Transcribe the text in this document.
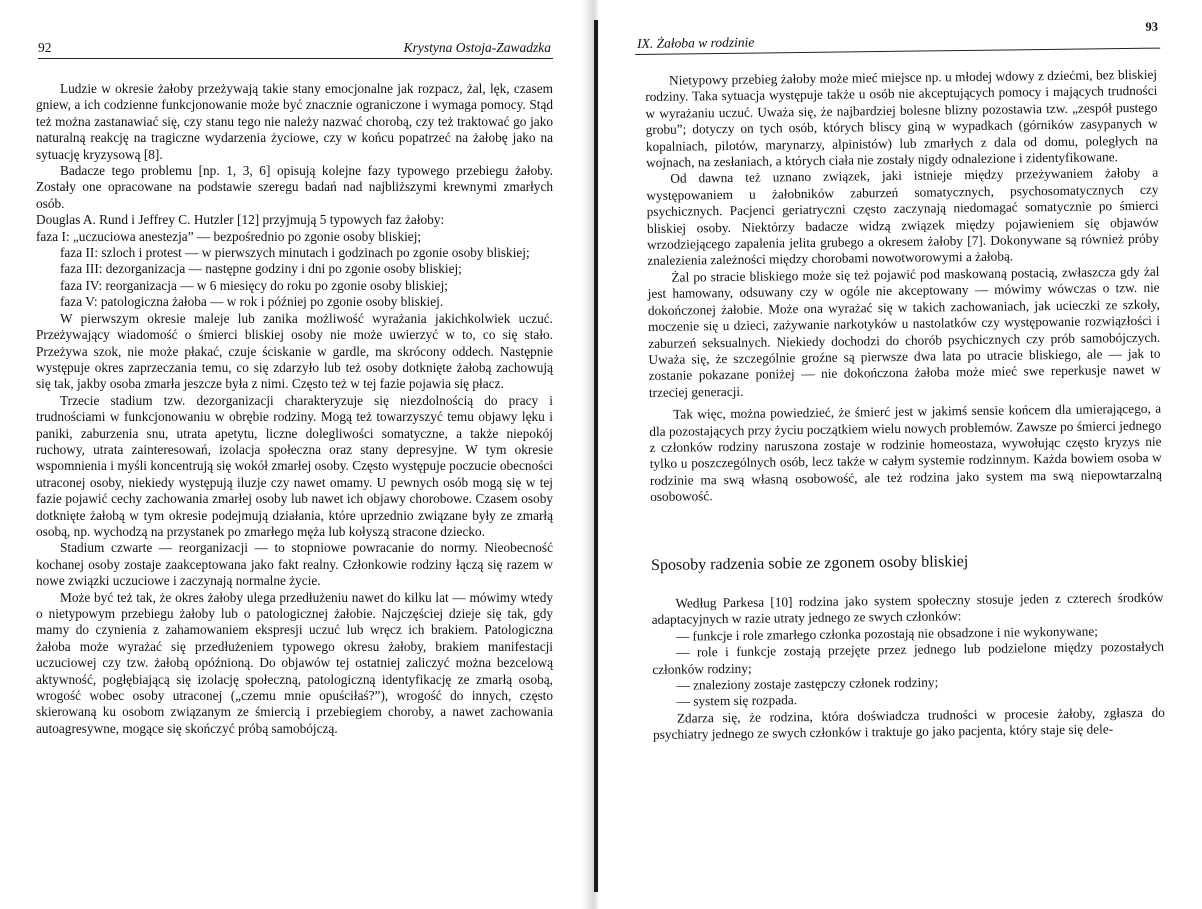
92	Krystyna Ostoja-Zawadzka

Ludzie w okresie żałoby przeżywają takie stany emocjonalne jak rozpacz, żal, lęk, czasem gniew, a ich codzienne funkcjonowanie może być znacznie ograniczone i wymaga pomocy. Stąd też można zastanawiać się, czy stanu tego nie należy nazwać chorobą, czy też traktować go jako naturalną reakcję na tragiczne wydarzenia życiowe, czy w końcu popatrzeć na żałobę jako na sytuację kryzysową [8].

Badacze tego problemu [np. 1, 3, 6] opisują kolejne fazy typowego przebiegu żałoby. Zostały one opracowane na podstawie szeregu badań nad najbliższymi krewnymi zmarłych osób.

Douglas A. Rund i Jeffrey C. Hutzler [12] przyjmują 5 typowych faz żałoby:

faza I: „uczuciowa anestezja” — bezpośrednio po zgonie osoby bliskiej;

faza II: szloch i protest — w pierwszych minutach i godzinach po zgonie osoby bliskiej;

faza III: dezorganizacja — następne godziny i dni po zgonie osoby bliskiej;

faza IV: reorganizacja — w 6 miesięcy do roku po zgonie osoby bliskiej;

faza V: patologiczna żałoba — w rok i później po zgonie osoby bliskiej.

W pierwszym okresie maleje lub zanika możliwość wyrażania jakichkolwiek uczuć. Przeżywający wiadomość o śmierci bliskiej osoby nie może uwierzyć w to, co się stało. Przeżywa szok, nie może płakać, czuje ściskanie w gardle, ma skrócony oddech. Następnie występuje okres zaprzeczania temu, co się zdarzyło lub też osoby dotknięte żałobą zachowują się tak, jakby osoba zmarła jeszcze była z nimi. Często też w tej fazie pojawia się płacz.

Trzecie stadium tzw. dezorganizacji charakteryzuje się niezdolnością do pracy i trudnościami w funkcjonowaniu w obrębie rodziny. Mogą też towarzyszyć temu objawy lęku i paniki, zaburzenia snu, utrata apetytu, liczne dolegliwości somatyczne, a także niepokój ruchowy, utrata zainteresowań, izolacja społeczna oraz stany depresyjne. W tym okresie wspomnienia i myśli koncentrują się wokół zmarłej osoby. Często występuje poczucie obecności utraconej osoby, niekiedy występują iluzje czy nawet omamy. U pewnych osób mogą się w tej fazie pojawić cechy zachowania zmarłej osoby lub nawet ich objawy chorobowe. Czasem osoby dotknięte żałobą w tym okresie podejmują działania, które uprzednio związane były ze zmarłą osobą, np. wychodzą na przystanek po zmarłego męża lub kołyszą stracone dziecko.

Stadium czwarte — reorganizacji — to stopniowe powracanie do normy. Nieobecność kochanej osoby zostaje zaakceptowana jako fakt realny. Członkowie rodziny łączą się razem w nowe związki uczuciowe i zaczynają normalne życie.

Może być też tak, że okres żałoby ulega przedłużeniu nawet do kilku lat — mówimy wtedy o nietypowym przebiegu żałoby lub o patologicznej żałobie. Najczęściej dzieje się tak, gdy mamy do czynienia z zahamowaniem ekspresji uczuć lub wręcz ich brakiem. Patologiczna żałoba może wyrażać się przedłużeniem typowego okresu żałoby, brakiem manifestacji uczuciowej czy tzw. żałobą opóźnioną. Do objawów tej ostatniej zaliczyć można bezcelową aktywność, pogłębiającą się izolację społeczną, patologiczną identyfikację ze zmarłą osobą, wrogość wobec osoby utraconej („czemu mnie opuściłaś?”), wrogość do innych, często skierowaną ku osobom związanym ze śmiercią i przebiegiem choroby, a nawet zachowania autoagresywne, mogące się skończyć próbą samobójczą.

IX. Żałoba w rodzinie
93

Nietypowy przebieg żałoby może mieć miejsce np. u młodej wdowy z dziećmi, bez bliskiej rodziny. Taka sytuacja występuje także u osób nie akceptujących pomocy i mających trudności w wyrażaniu uczuć. Uważa się, że najbardziej bolesne blizny pozostawia tzw. „zespół pustego grobu”; dotyczy on tych osób, których bliscy giną w wypadkach (górników zasypanych w kopalniach, pilotów, marynarzy, alpinistów) lub zmarłych z dala od domu, poległych na wojnach, na zesłaniach, a których ciała nie zostały nigdy odnalezione i zidentyfikowane.

Od dawna też uznano związek, jaki istnieje między przeżywaniem żałoby a występowaniem u żałobników zaburzeń somatycznych, psychosomatycznych czy psychicznych. Pacjenci geriatryczni często zaczynają niedomagać somatycznie po śmierci bliskiej osoby. Niektórzy badacze widzą związek między pojawieniem się objawów wrzodziejącego zapalenia jelita grubego a okresem żałoby [7]. Dokonywane są również próby znalezienia zależności między chorobami nowotworowymi a żałobą.

Żal po stracie bliskiego może się też pojawić pod maskowaną postacią, zwłaszcza gdy żal jest hamowany, odsuwany czy w ogóle nie akceptowany — mówimy wówczas o tzw. nie dokończonej żałobie. Może ona wyrażać się w takich zachowaniach, jak ucieczki ze szkoły, moczenie się u dzieci, zażywanie narkotyków u nastolatków czy występowanie rozwiązłości i zaburzeń seksualnych. Niekiedy dochodzi do chorób psychicznych czy prób samobójczych. Uważa się, że szczególnie groźne są pierwsze dwa lata po utracie bliskiego, ale — jak to zostanie pokazane poniżej — nie dokończona żałoba może mieć swe reperkusje nawet w trzeciej generacji.

Tak więc, można powiedzieć, że śmierć jest w jakimś sensie końcem dla umierającego, a dla pozostających przy życiu początkiem wielu nowych problemów. Zawsze po śmierci jednego z członków rodziny naruszona zostaje w rodzinie homeostaza, wywołując często kryzys nie tylko u poszczególnych osób, lecz także w całym systemie rodzinnym. Każda bowiem osoba w rodzinie ma swą własną osobowość, ale też rodzina jako system ma swą niepowtarzalną osobowość.

Sposoby radzenia sobie ze zgonem osoby bliskiej

Według Parkesa [10] rodzina jako system społeczny stosuje jeden z czterech środków adaptacyjnych w razie utraty jednego ze swych członków:

— funkcje i role zmarłego członka pozostają nie obsadzone i nie wykonywane;

— role i funkcje zostają przejęte przez jednego lub podzielone między pozostałych członków rodziny;

— znaleziony zostaje zastępczy członek rodziny;

— system się rozpada.

Zdarza się, że rodzina, która doświadcza trudności w procesie żałoby, zgłasza do psychiatry jednego ze swych członków i traktuje go jako pacjenta, który staje się dele-
